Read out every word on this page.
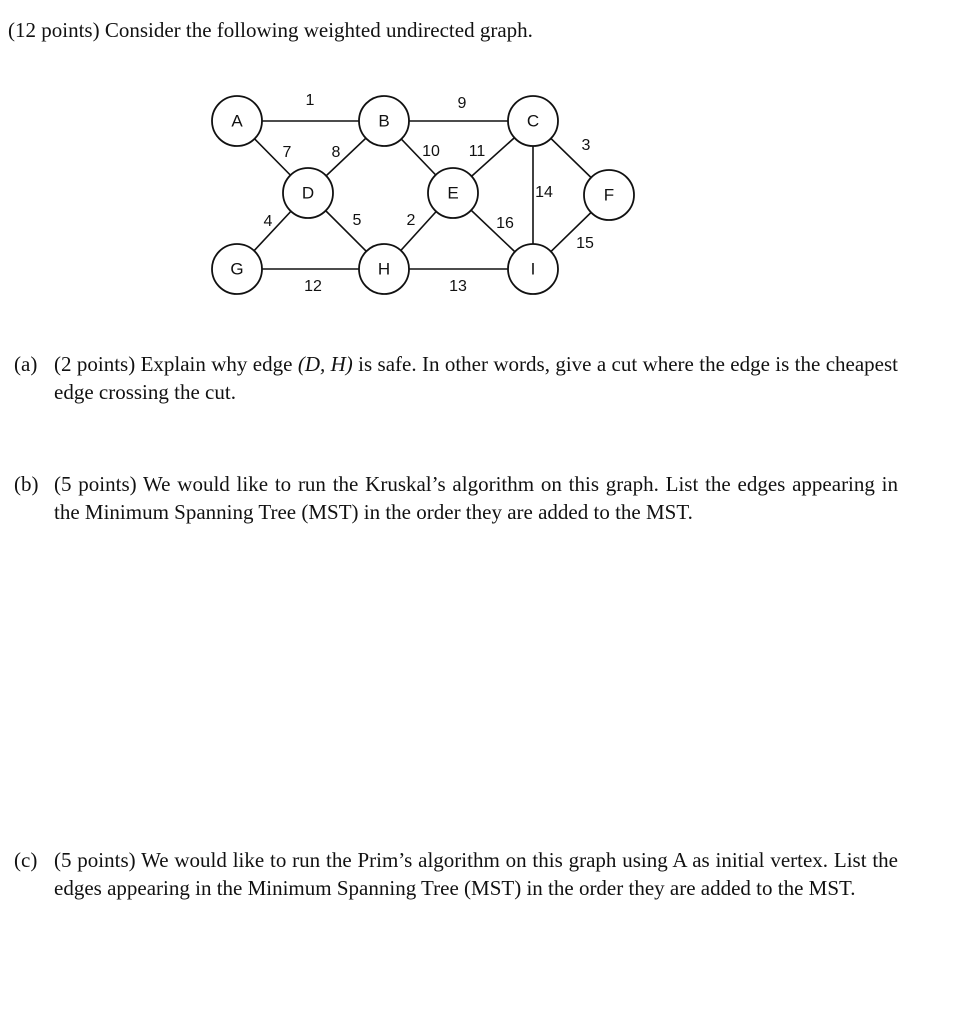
(12 points) Consider the following weighted undirected graph.
A	B	C
D	E	F
G	H	I
1
7	8
9
10 11	3
14
4	5	2	16
15
12	13
(a) (2 points) Explain why edge (D, H) is safe. In other words, give a cut where the edge is the cheapest edge crossing the cut.
(b) (5 points) We would like to run the Kruskal’s algorithm on this graph. List the edges appearing in the Minimum Spanning Tree (MST) in the order they are added to the MST.
(c) (5 points) We would like to run the Prim’s algorithm on this graph using A as initial vertex. List the edges appearing in the Minimum Spanning Tree (MST) in the order they are added to the MST.
